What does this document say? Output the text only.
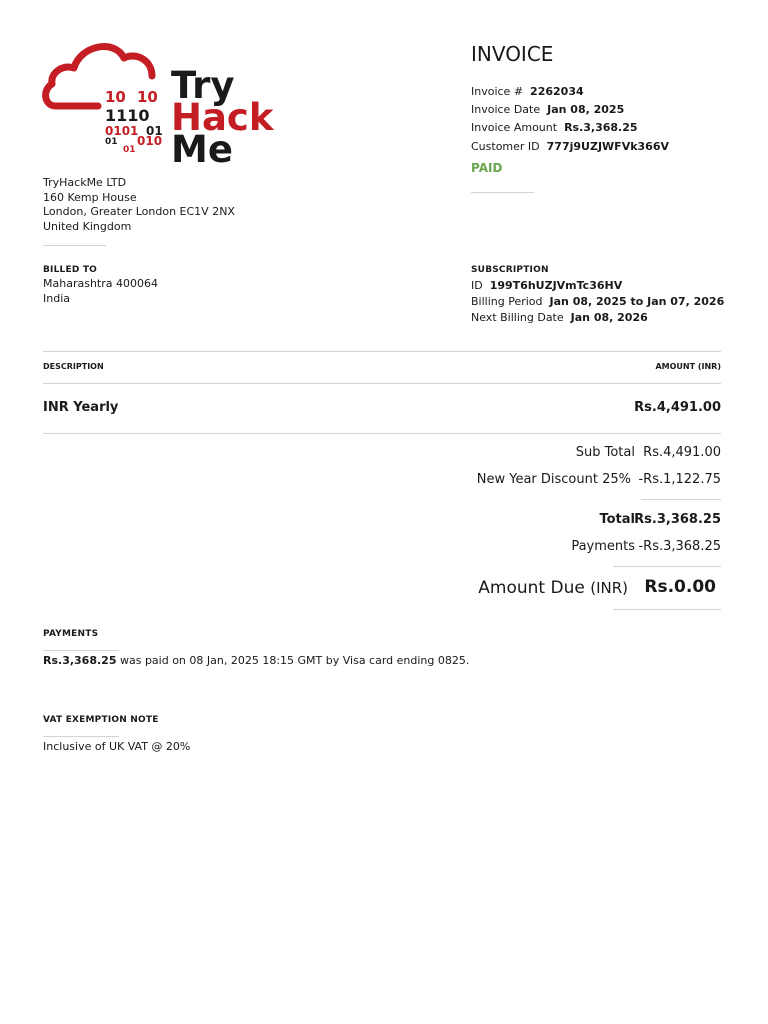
10 10
1110
0101 01
01 010
01
Try
Hack
Me
TryHackMe LTD
160 Kemp House
London, Greater London EC1V 2NX
United Kingdom
INVOICE
Invoice # 2262034
Invoice Date Jan 08, 2025
Invoice Amount Rs.3,368.25
Customer ID 777j9UZJWFVk366V
PAID
BILLED TO
Maharashtra 400064
India
SUBSCRIPTION
ID 199T6hUZJVmTc36HV
Billing Period Jan 08, 2025 to Jan 07, 2026
Next Billing Date Jan 08, 2026
DESCRIPTION	AMOUNT (INR)
INR Yearly	Rs.4,491.00
Sub Total Rs.4,491.00
New Year Discount 25% -Rs.1,122.75
Total Rs.3,368.25
Payments -Rs.3,368.25
Amount Due (INR) Rs.0.00
PAYMENTS
Rs.3,368.25 was paid on 08 Jan, 2025 18:15 GMT by Visa card ending 0825.
VAT EXEMPTION NOTE
Inclusive of UK VAT @ 20%
